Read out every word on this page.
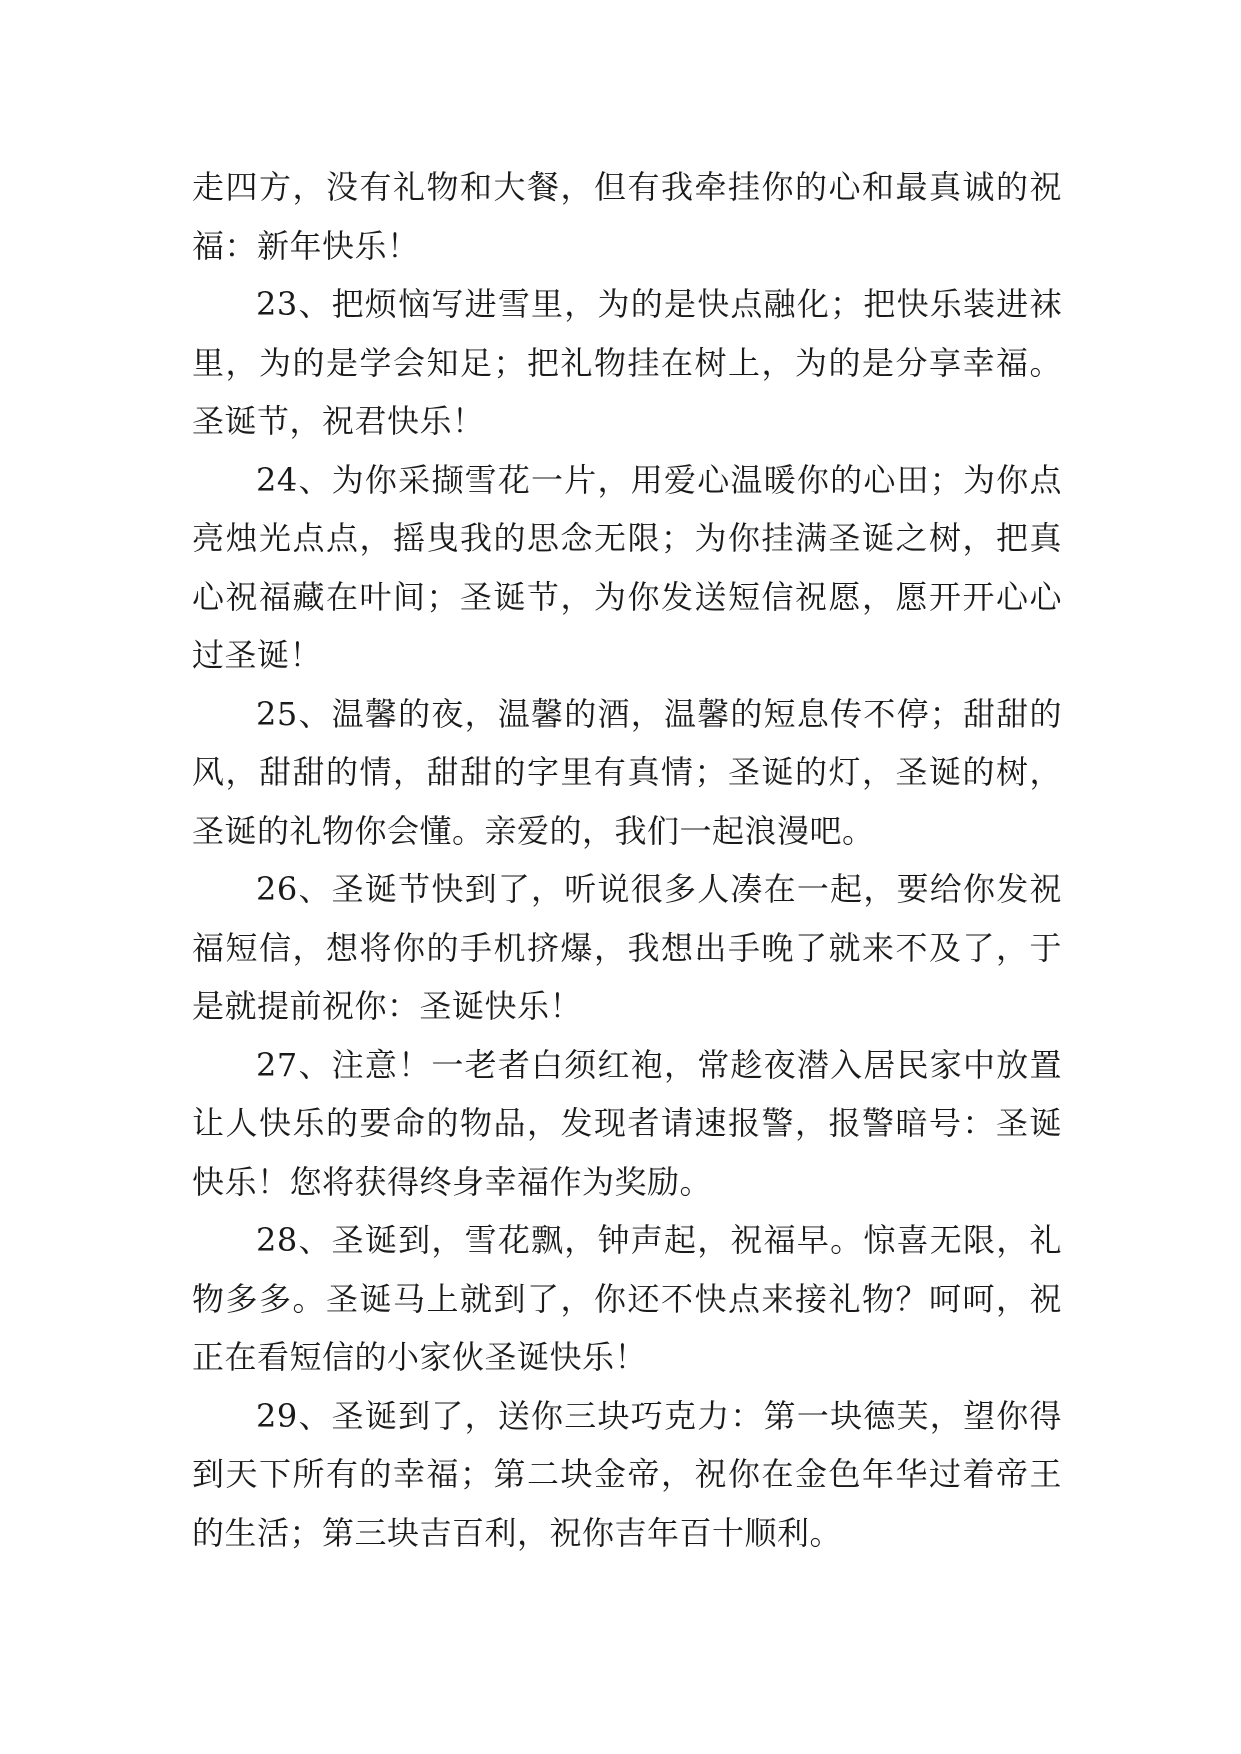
走四方，没有礼物和大餐，但有我牵挂你的心和最真诚的祝福：新年快乐！

23、把烦恼写进雪里，为的是快点融化；把快乐装进袜里，为的是学会知足；把礼物挂在树上，为的是分享幸福。圣诞节，祝君快乐！

24、为你采撷雪花一片，用爱心温暖你的心田；为你点亮烛光点点，摇曳我的思念无限；为你挂满圣诞之树，把真心祝福藏在叶间；圣诞节，为你发送短信祝愿，愿开开心心过圣诞！

25、温馨的夜，温馨的酒，温馨的短息传不停；甜甜的风，甜甜的情，甜甜的字里有真情；圣诞的灯，圣诞的树，圣诞的礼物你会懂。亲爱的，我们一起浪漫吧。

26、圣诞节快到了，听说很多人凑在一起，要给你发祝福短信，想将你的手机挤爆，我想出手晚了就来不及了，于是就提前祝你：圣诞快乐！

27、注意！一老者白须红袍，常趁夜潜入居民家中放置让人快乐的要命的物品，发现者请速报警，报警暗号：圣诞快乐！您将获得终身幸福作为奖励。

28、圣诞到，雪花飘，钟声起，祝福早。惊喜无限，礼物多多。圣诞马上就到了，你还不快点来接礼物？呵呵，祝正在看短信的小家伙圣诞快乐！

29、圣诞到了，送你三块巧克力：第一块德芙，望你得到天下所有的幸福；第二块金帝，祝你在金色年华过着帝王的生活；第三块吉百利，祝你吉年百十顺利。
